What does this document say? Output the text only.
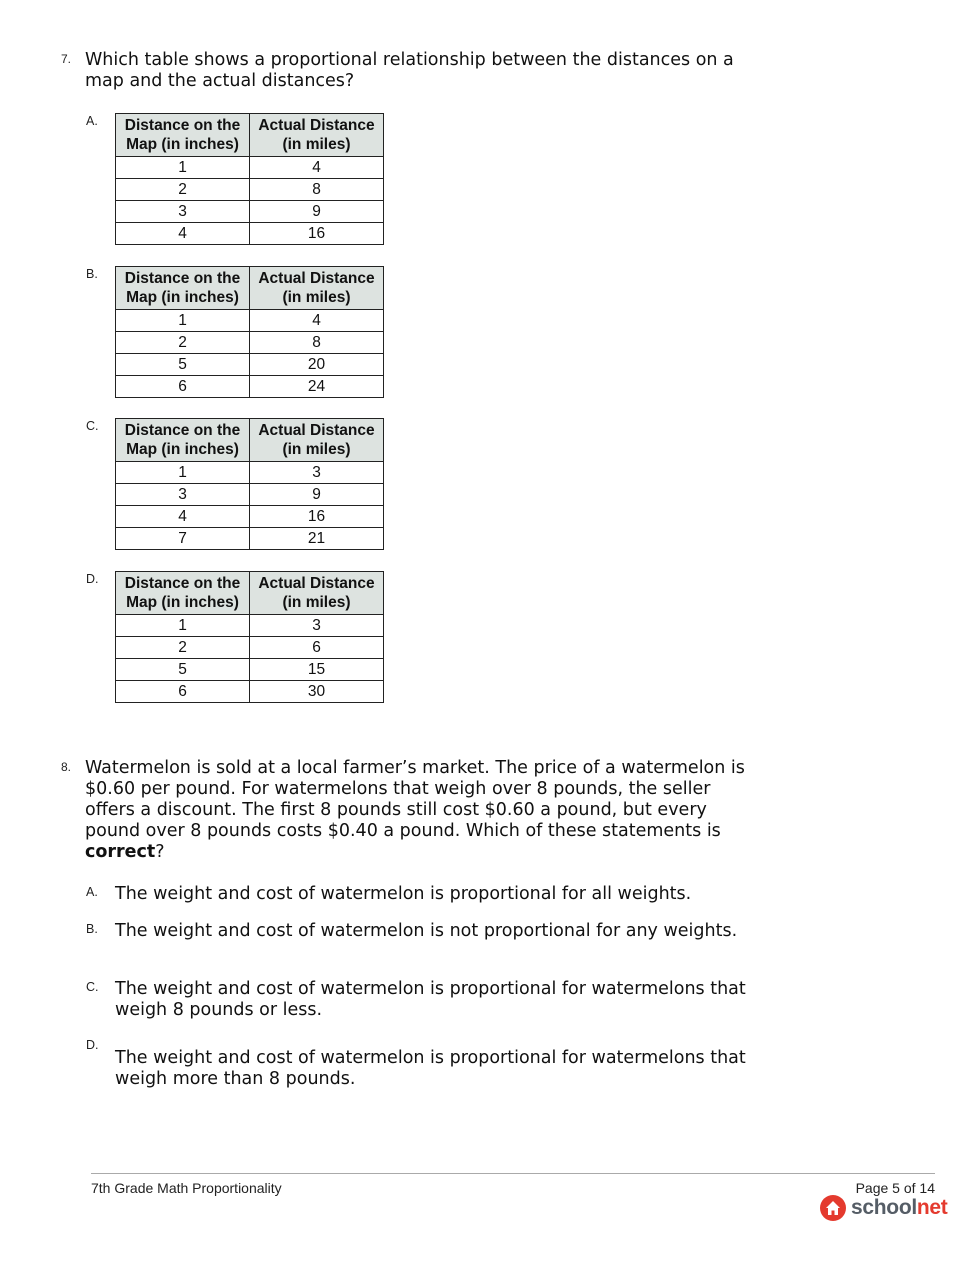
7. Which table shows a proportional relationship between the distances on a map and the actual distances?
A. Distance on the Map (in inches)	Actual Distance (in miles)
1	4
2	8
3	9
4	16
B. Distance on the Map (in inches)	Actual Distance (in miles)
1	4
2	8
5	20
6	24
C. Distance on the Map (in inches)	Actual Distance (in miles)
1	3
3	9
4	16
7	21
D. Distance on the Map (in inches)	Actual Distance (in miles)
1	3
2	6
5	15
6	30
8. Watermelon is sold at a local farmer’s market. The price of a watermelon is $0.60 per pound. For watermelons that weigh over 8 pounds, the seller offers a discount. The first 8 pounds still cost $0.60 a pound, but every pound over 8 pounds costs $0.40 a pound. Which of these statements is correct?
A. The weight and cost of watermelon is proportional for all weights.
B. The weight and cost of watermelon is not proportional for any weights.
C. The weight and cost of watermelon is proportional for watermelons that weigh 8 pounds or less.
D.
The weight and cost of watermelon is proportional for watermelons that weigh more than 8 pounds.
7th Grade Math Proportionality	Page 5 of 14
schoolnet
